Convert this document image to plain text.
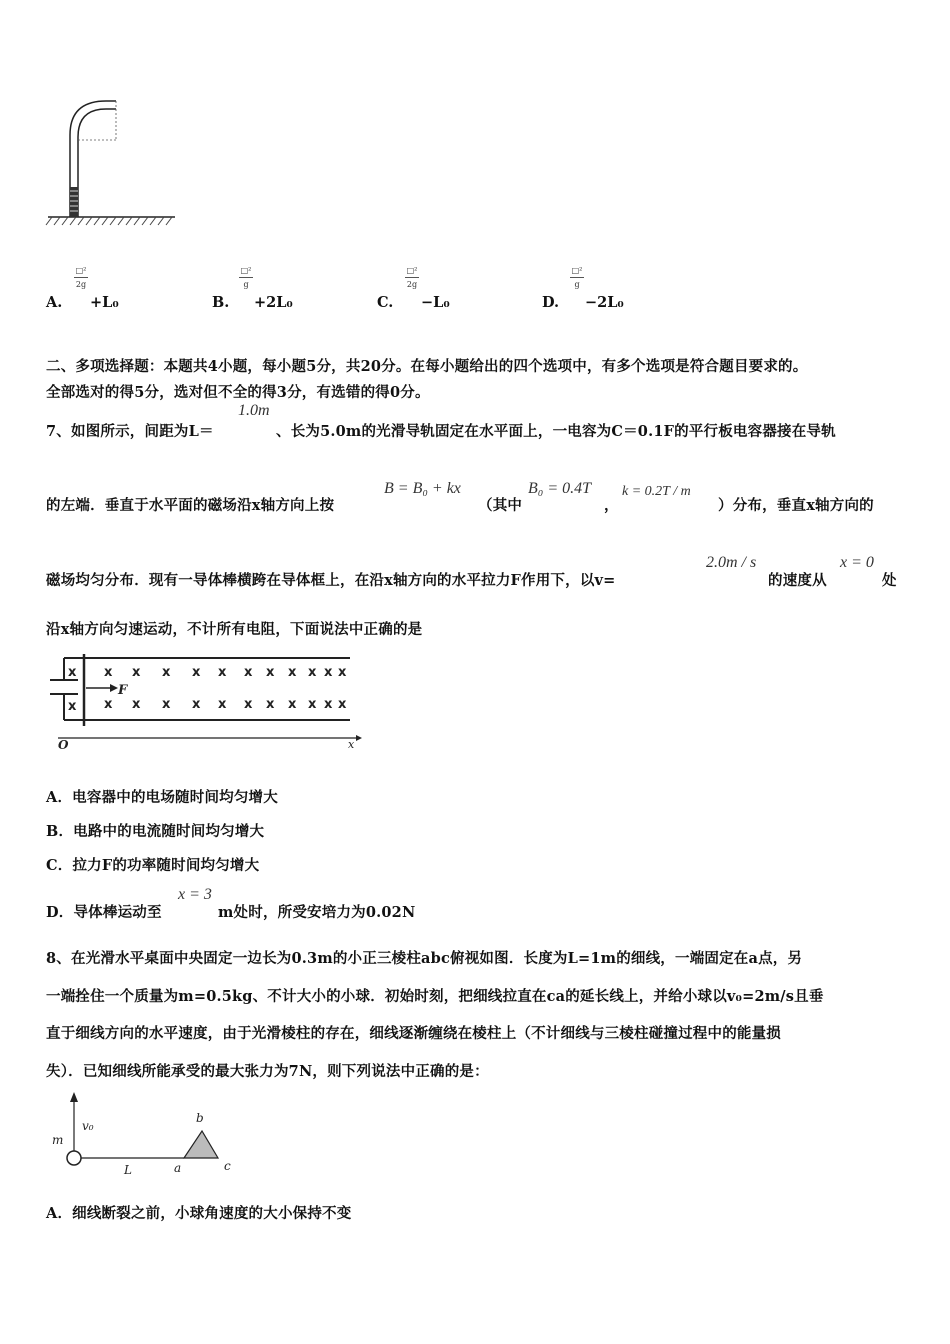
A.
□²
2g
+L₀	B.
□²
g
+2L₀	C.
□²
2g
−L₀	D.
□²
g
−2L₀
二、多项选择题：本题共4小题，每小题5分，共20分。在每小题给出的四个选项中，有多个选项是符合题目要求的。
全部选对的得5分，选对但不全的得3分，有选错的得0分。
7、如图所示，间距为L＝
1.0m
、长为5.0m的光滑导轨固定在水平面上，一电容为C＝0.1F的平行板电容器接在导轨
的左端．垂直于水平面的磁场沿x轴方向上按
B = B₀ + kx
（其中
B₀ = 0.4T
，
k = 0.2T / m
）分布，垂直x轴方向的
磁场均匀分布．现有一导体棒横跨在导体框上，在沿x轴方向的水平拉力F作用下，以v=
2.0m / s
的速度从
x = 0
处
沿x轴方向匀速运动，不计所有电阻，下面说法中正确的是
x
x
x x x x x x x x x x x
x x x x x x x x x x x
F
O	x
A．电容器中的电场随时间均匀增大
B．电路中的电流随时间均匀增大
C．拉力F的功率随时间均匀增大
D．导体棒运动至
x = 3
m处时，所受安培力为0.02N
8、在光滑水平桌面中央固定一边长为0.3m的小正三棱柱abc俯视如图．长度为L=1m的细线，一端固定在a点，另
一端拴住一个质量为m=0.5kg、不计大小的小球．初始时刻，把细线拉直在ca的延长线上，并给小球以v₀=2m/s且垂
直于细线方向的水平速度，由于光滑棱柱的存在，细线逐渐缠绕在棱柱上（不计细线与三棱柱碰撞过程中的能量损
失）．已知细线所能承受的最大张力为7N，则下列说法中正确的是：
v₀
m
L	a
b
c
A．细线断裂之前，小球角速度的大小保持不变
